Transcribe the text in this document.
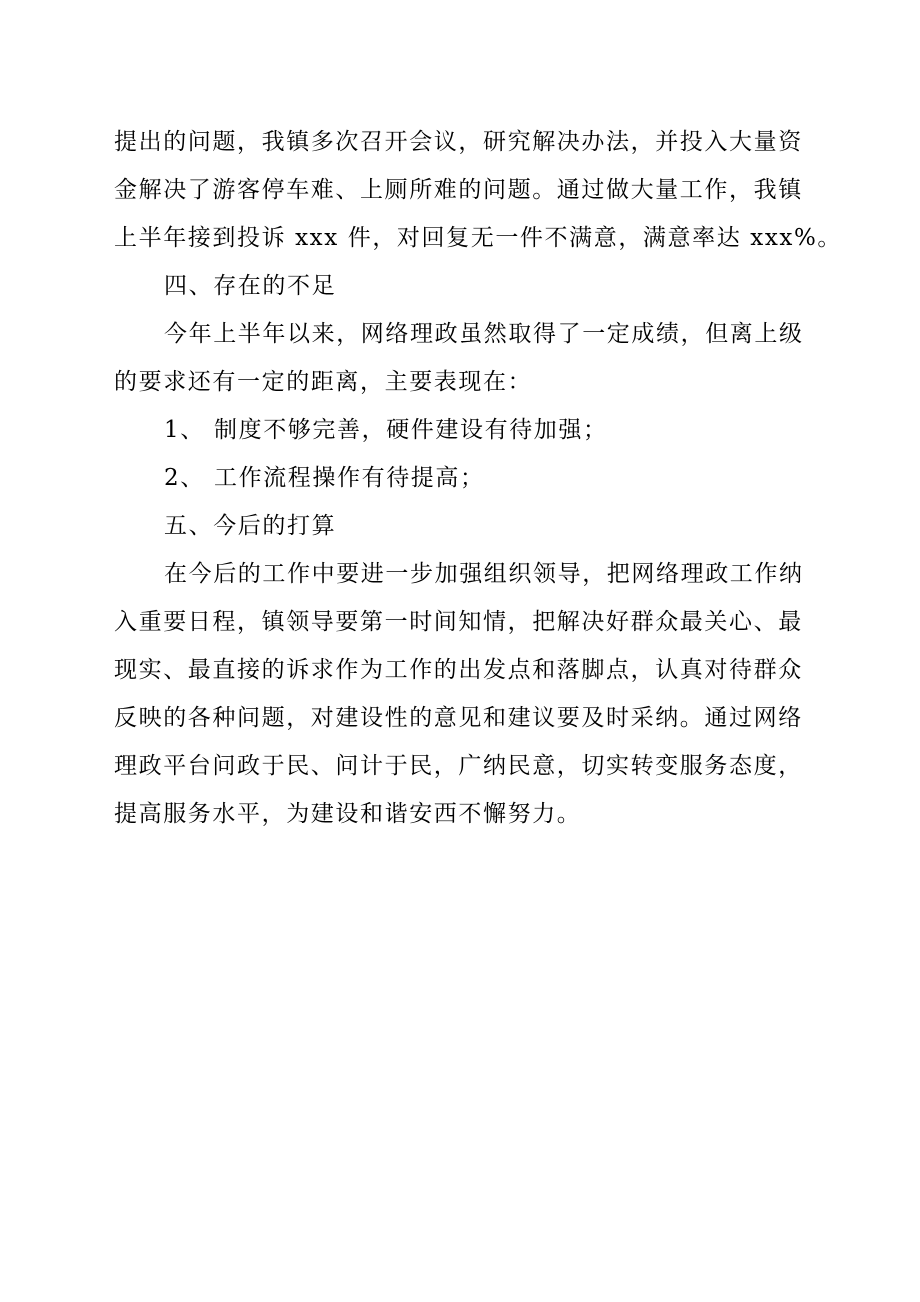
提出的问题，我镇多次召开会议，研究解决办法，并投入大量资
金解决了游客停车难、上厕所难的问题。通过做大量工作，我镇
上半年接到投诉 xxx 件，对回复无一件不满意，满意率达 xxx%。
四、存在的不足
今年上半年以来，网络理政虽然取得了一定成绩，但离上级
的要求还有一定的距离，主要表现在：
1、 制度不够完善，硬件建设有待加强；
2、 工作流程操作有待提高；
五、今后的打算
在今后的工作中要进一步加强组织领导，把网络理政工作纳
入重要日程，镇领导要第一时间知情，把解决好群众最关心、最
现实、最直接的诉求作为工作的出发点和落脚点，认真对待群众
反映的各种问题，对建设性的意见和建议要及时采纳。通过网络
理政平台问政于民、问计于民，广纳民意，切实转变服务态度，
提高服务水平，为建设和谐安西不懈努力。
